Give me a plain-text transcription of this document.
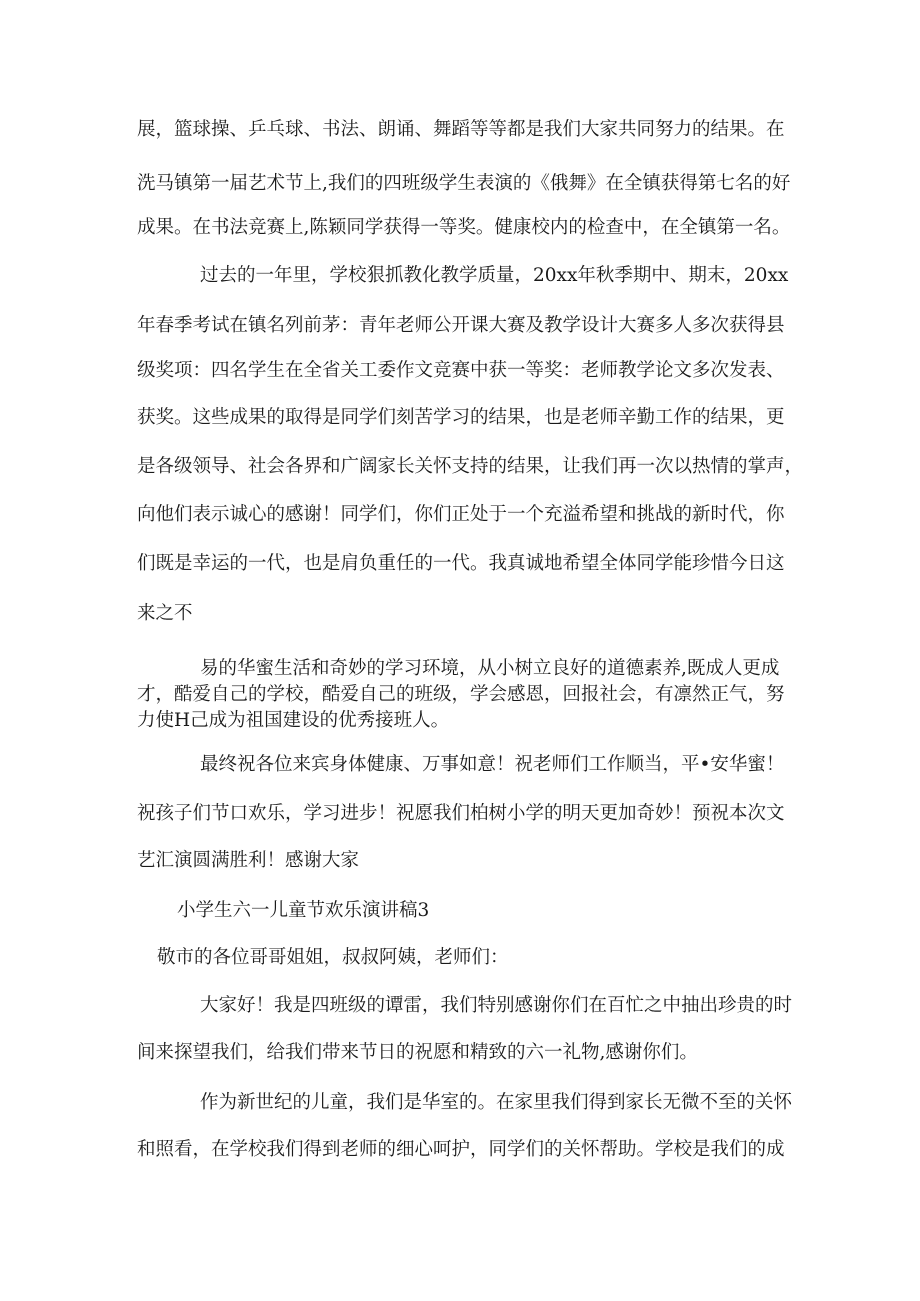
展，篮球操、乒乓球、书法、朗诵、舞蹈等等都是我们大家共同努力的结果。在
洗马镇第一届艺术节上,我们的四班级学生表演的《俄舞》在全镇获得第七名的好
成果。在书法竞赛上,陈颖同学获得一等奖。健康校内的检查中，在全镇第一名。
过去的一年里，学校狠抓教化教学质量，20xx年秋季期中、期末，20xx
年春季考试在镇名列前茅：青年老师公开课大赛及教学设计大赛多人多次获得县
级奖项：四名学生在全省关工委作文竞赛中获一等奖：老师教学论文多次发表、
获奖。这些成果的取得是同学们刻苦学习的结果，也是老师辛勤工作的结果，更
是各级领导、社会各界和广阔家长关怀支持的结果，让我们再一次以热情的掌声，
向他们表示诚心的感谢！同学们，你们正处于一个充溢希望和挑战的新时代，你
们既是幸运的一代，也是肩负重任的一代。我真诚地希望全体同学能珍惜今日这
来之不
易的华蜜生活和奇妙的学习环境，从小树立良好的道德素养,既成人更成
才，酷爱自己的学校，酷爱自己的班级，学会感恩，回报社会，有凛然正气，努
力使H己成为祖国建设的优秀接班人。
最终祝各位来宾身体健康、万事如意！祝老师们工作顺当，平•安华蜜！
祝孩子们节口欢乐，学习进步！祝愿我们柏树小学的明天更加奇妙！预祝本次文
艺汇演圆满胜利！感谢大家
小学生六一儿童节欢乐演讲稿3
敬市的各位哥哥姐姐，叔叔阿姨，老师们：
大家好！我是四班级的谭雷，我们特别感谢你们在百忙之中抽出珍贵的时
间来探望我们，给我们带来节日的祝愿和精致的六一礼物,感谢你们。
作为新世纪的儿童，我们是华室的。在家里我们得到家长无微不至的关怀
和照看，在学校我们得到老师的细心呵护，同学们的关怀帮助。学校是我们的成
